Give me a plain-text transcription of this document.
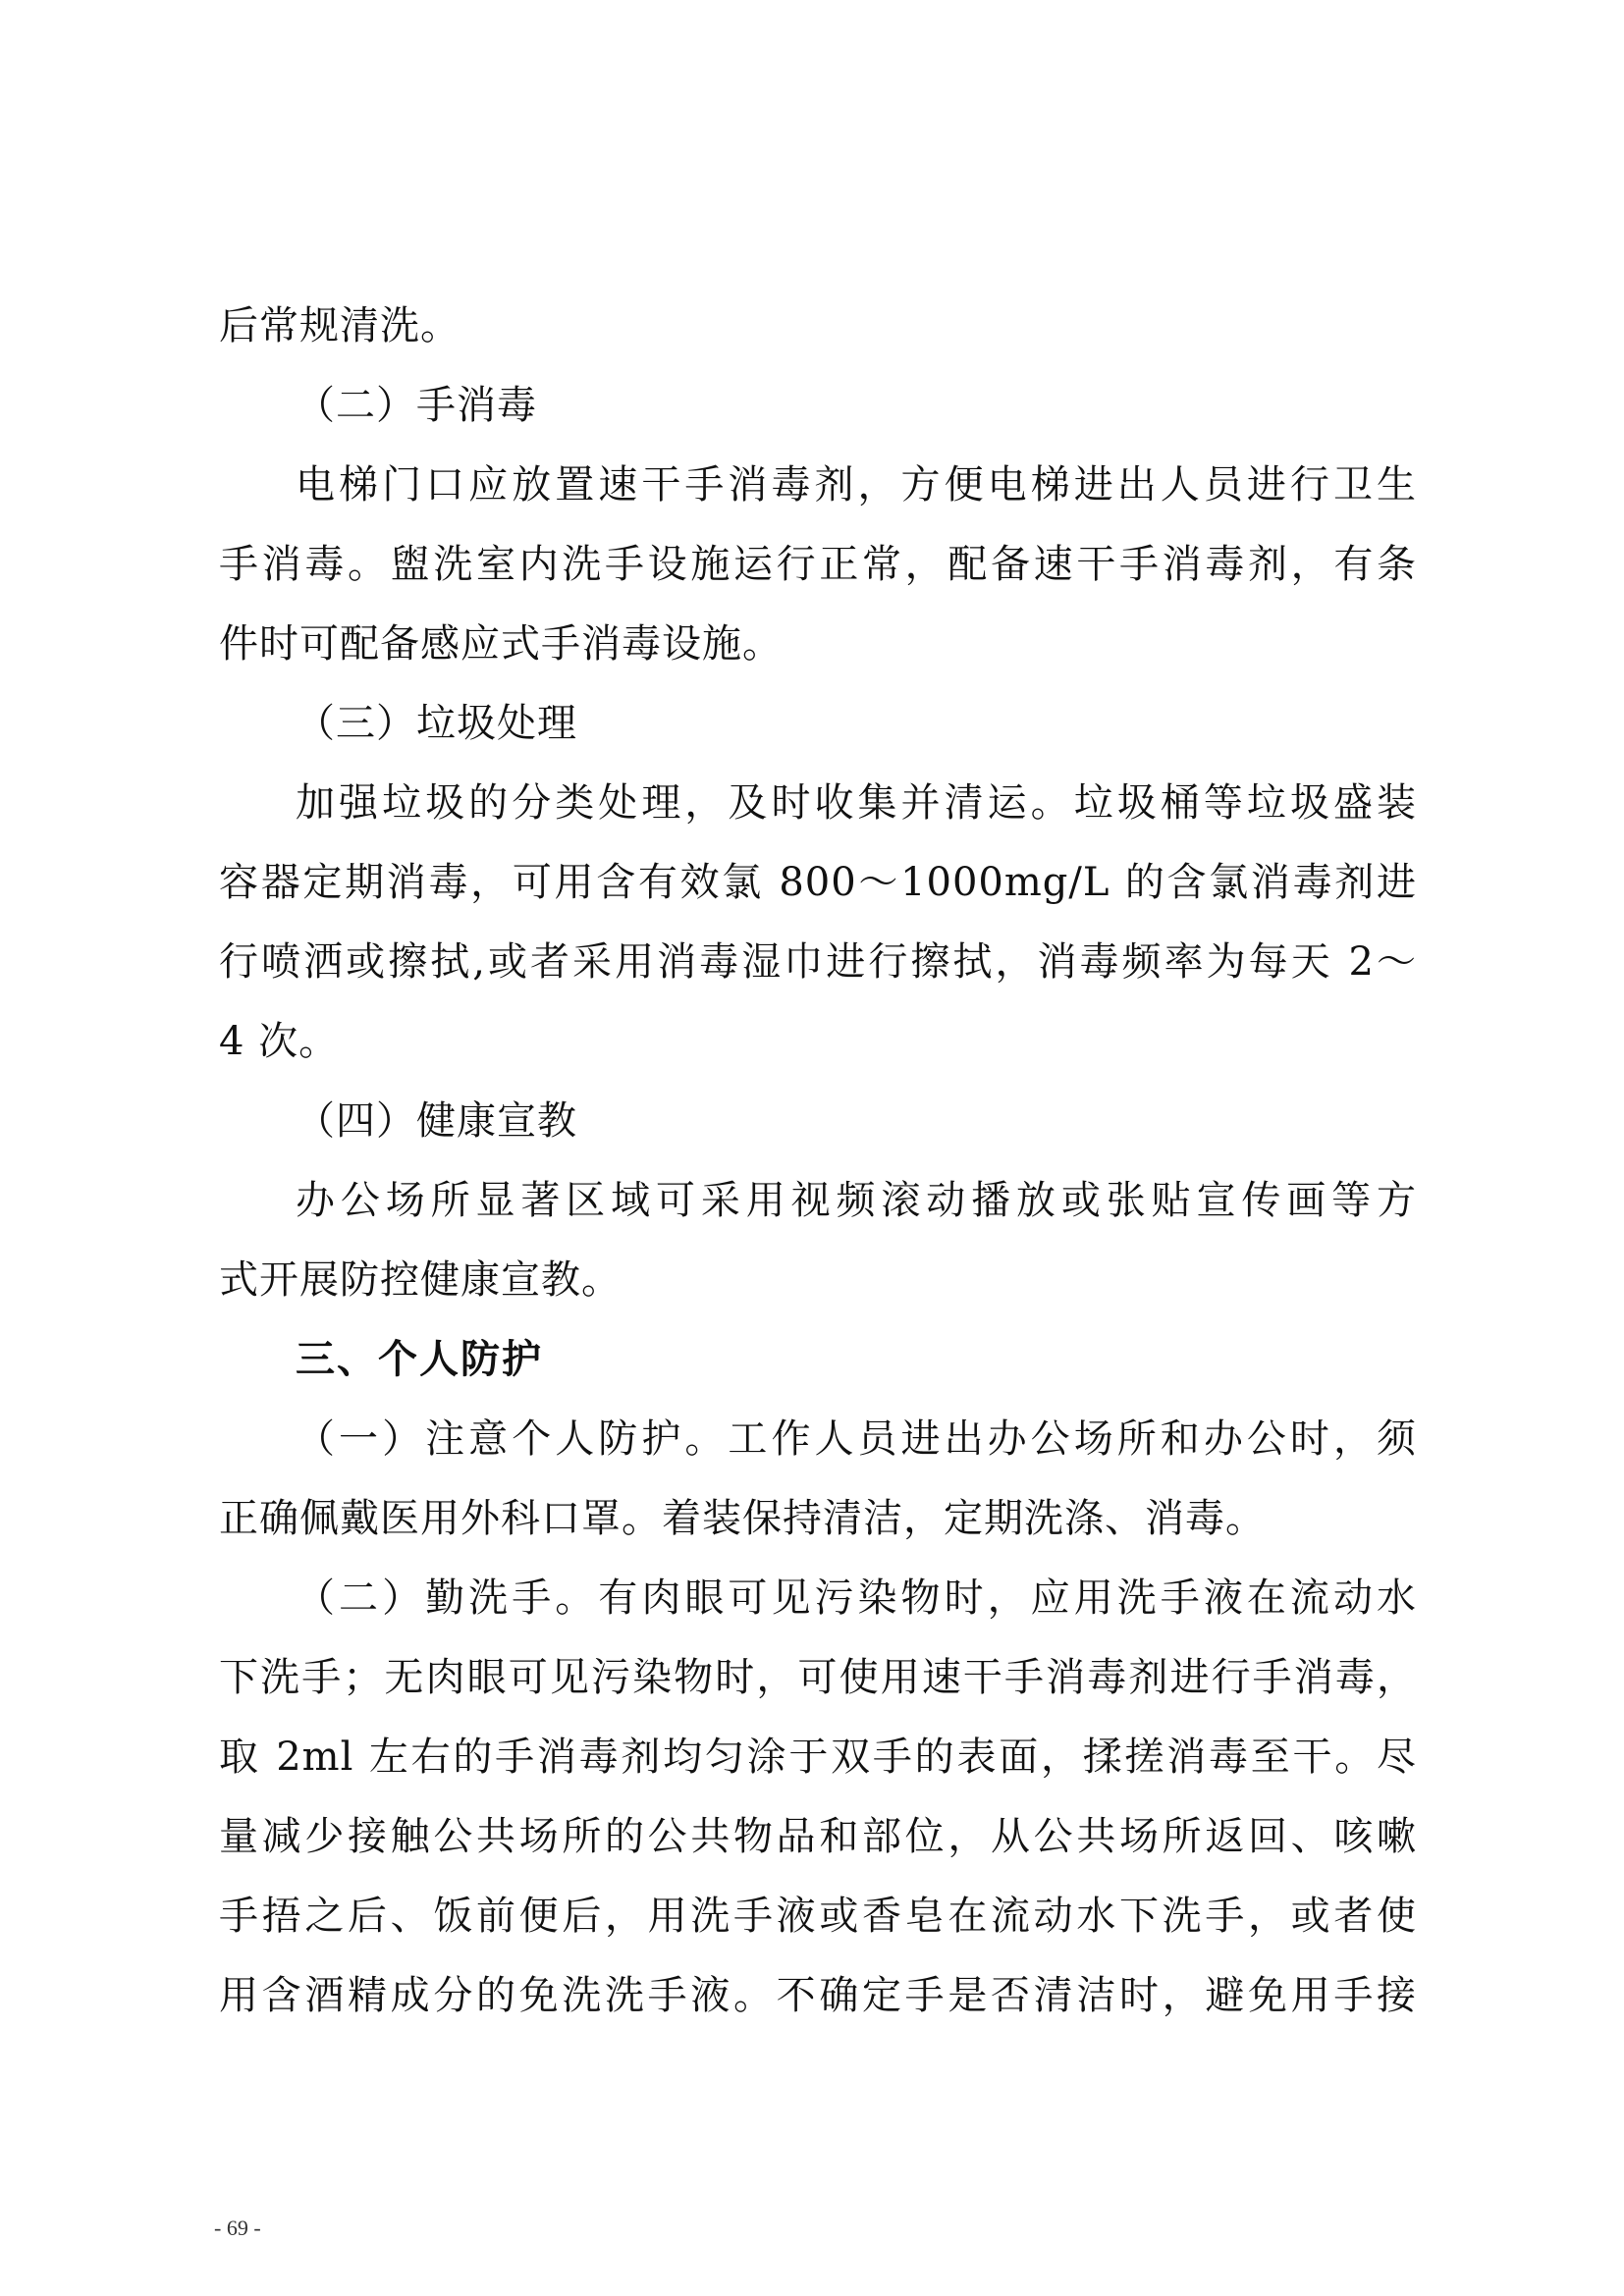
后常规清洗。
（二）手消毒
电梯门口应放置速干手消毒剂，方便电梯进出人员进行卫生
手消毒。盥洗室内洗手设施运行正常，配备速干手消毒剂，有条
件时可配备感应式手消毒设施。
（三）垃圾处理
加强垃圾的分类处理，及时收集并清运。垃圾桶等垃圾盛装
容器定期消毒，可用含有效氯 800～1000mg/L 的含氯消毒剂进
行喷洒或擦拭,或者采用消毒湿巾进行擦拭，消毒频率为每天 2～
4 次。
（四）健康宣教
办公场所显著区域可采用视频滚动播放或张贴宣传画等方
式开展防控健康宣教。
三、个人防护
（一）注意个人防护。工作人员进出办公场所和办公时，须
正确佩戴医用外科口罩。着装保持清洁，定期洗涤、消毒。
（二）勤洗手。有肉眼可见污染物时，应用洗手液在流动水
下洗手；无肉眼可见污染物时，可使用速干手消毒剂进行手消毒，
取 2ml 左右的手消毒剂均匀涂于双手的表面，揉搓消毒至干。尽
量减少接触公共场所的公共物品和部位，从公共场所返回、咳嗽
手捂之后、饭前便后，用洗手液或香皂在流动水下洗手，或者使
用含酒精成分的免洗洗手液。不确定手是否清洁时，避免用手接
- 69 -
